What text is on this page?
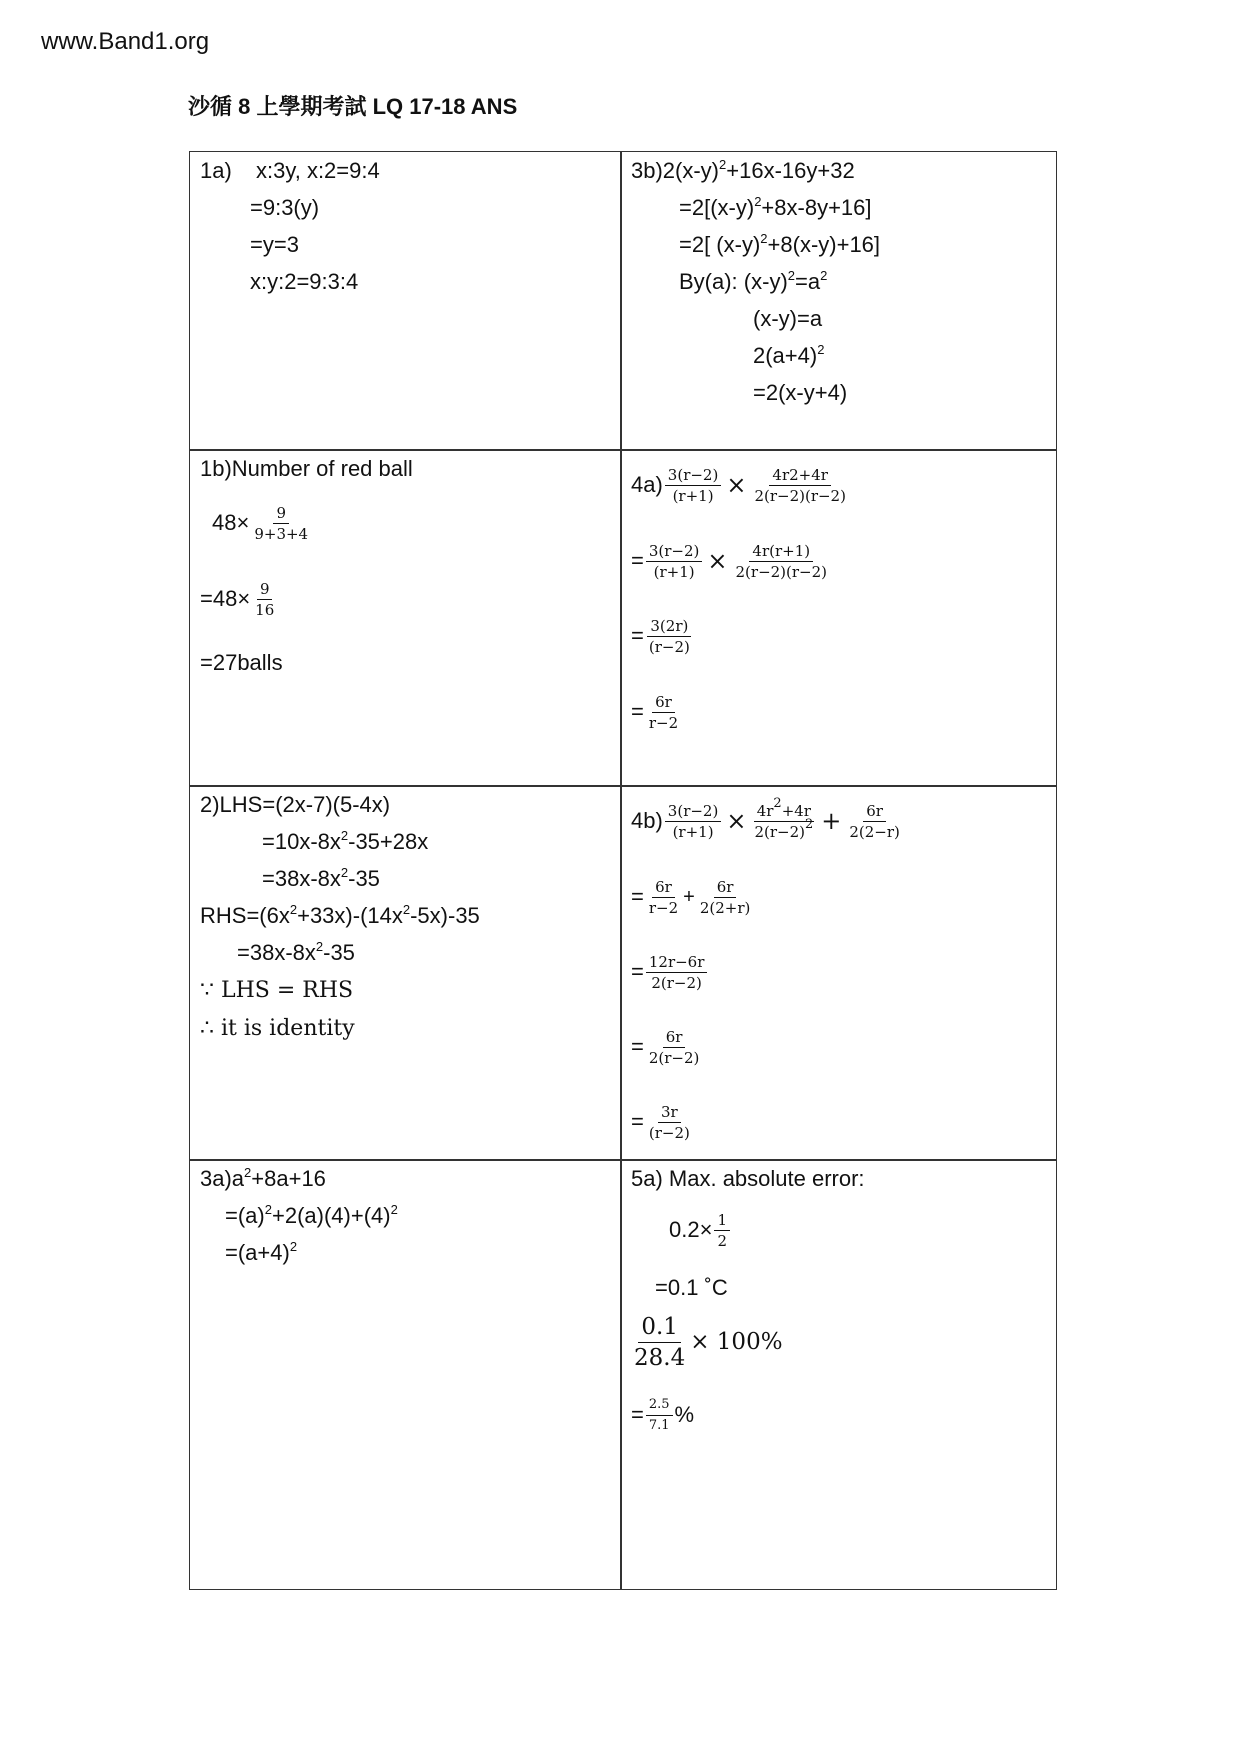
www.Band1.org
沙循 8 上學期考試 LQ 17-18 ANS
1a) x:3y, x:2=9:4
=9:3(y)
=y=3
x:y:2=9:3:4
$3b)2(x-y)^2+16x-16y+32$
$=2[(x-y)^2+8x-8y+16]$
=2[ $(x-y)^2+8(x-y)+16$]
By(a): $(x-y)^2=a^2$
(x-y)=a
$2(a+4)^2$
=2(x-y+4)
1b)Number of red ball
$48\times \frac{9}{9+3+4}$
$=48\times \frac{9}{16}$
=27balls
$4a) \frac{3(r-2)}{(r+1)} \times \frac{4r2+4r}{2(r-2)(r-2)}$
= $\frac{3(r-2)}{(r+1)} \times \frac{4r(r+1)}{2(r-2)(r-2)}$
= $\frac{3(2r)}{(r-2)}$
= $\frac{6r}{r-2}$
2)LHS=(2x-7)(5-4x)
$=10x-8x^2-35+28x$
$=38x-8x^2-35$
$RHS=(6x^2+33x)-(14x^2-5x)-35$
$=38x-8x^2-35$
∵ LHS = RHS
∴ it is identity
$4b) \frac{3(r-2)}{(r+1)} \times \frac{4r^2+4r}{2(r-2)^2} + \frac{6r}{2(2-r)}$
= $\frac{6r}{r-2} + \frac{6r}{2(2+r)}$
= $\frac{12r-6r}{2(r-2)}$
= $\frac{6r}{2(r-2)}$
= $\frac{3r}{(r-2)}$
$3a)a^2+8a+16$
$=(a)^2+2(a)(4)+(4)^2$
$=(a+4)^2$
5a) Max. absolute error:
$0.2\times \frac{1}{2}$
=0.1 ˚C
$\frac{0.1}{28.4} \times 100\%$
= $\frac{2.5}{7.1}$ %
